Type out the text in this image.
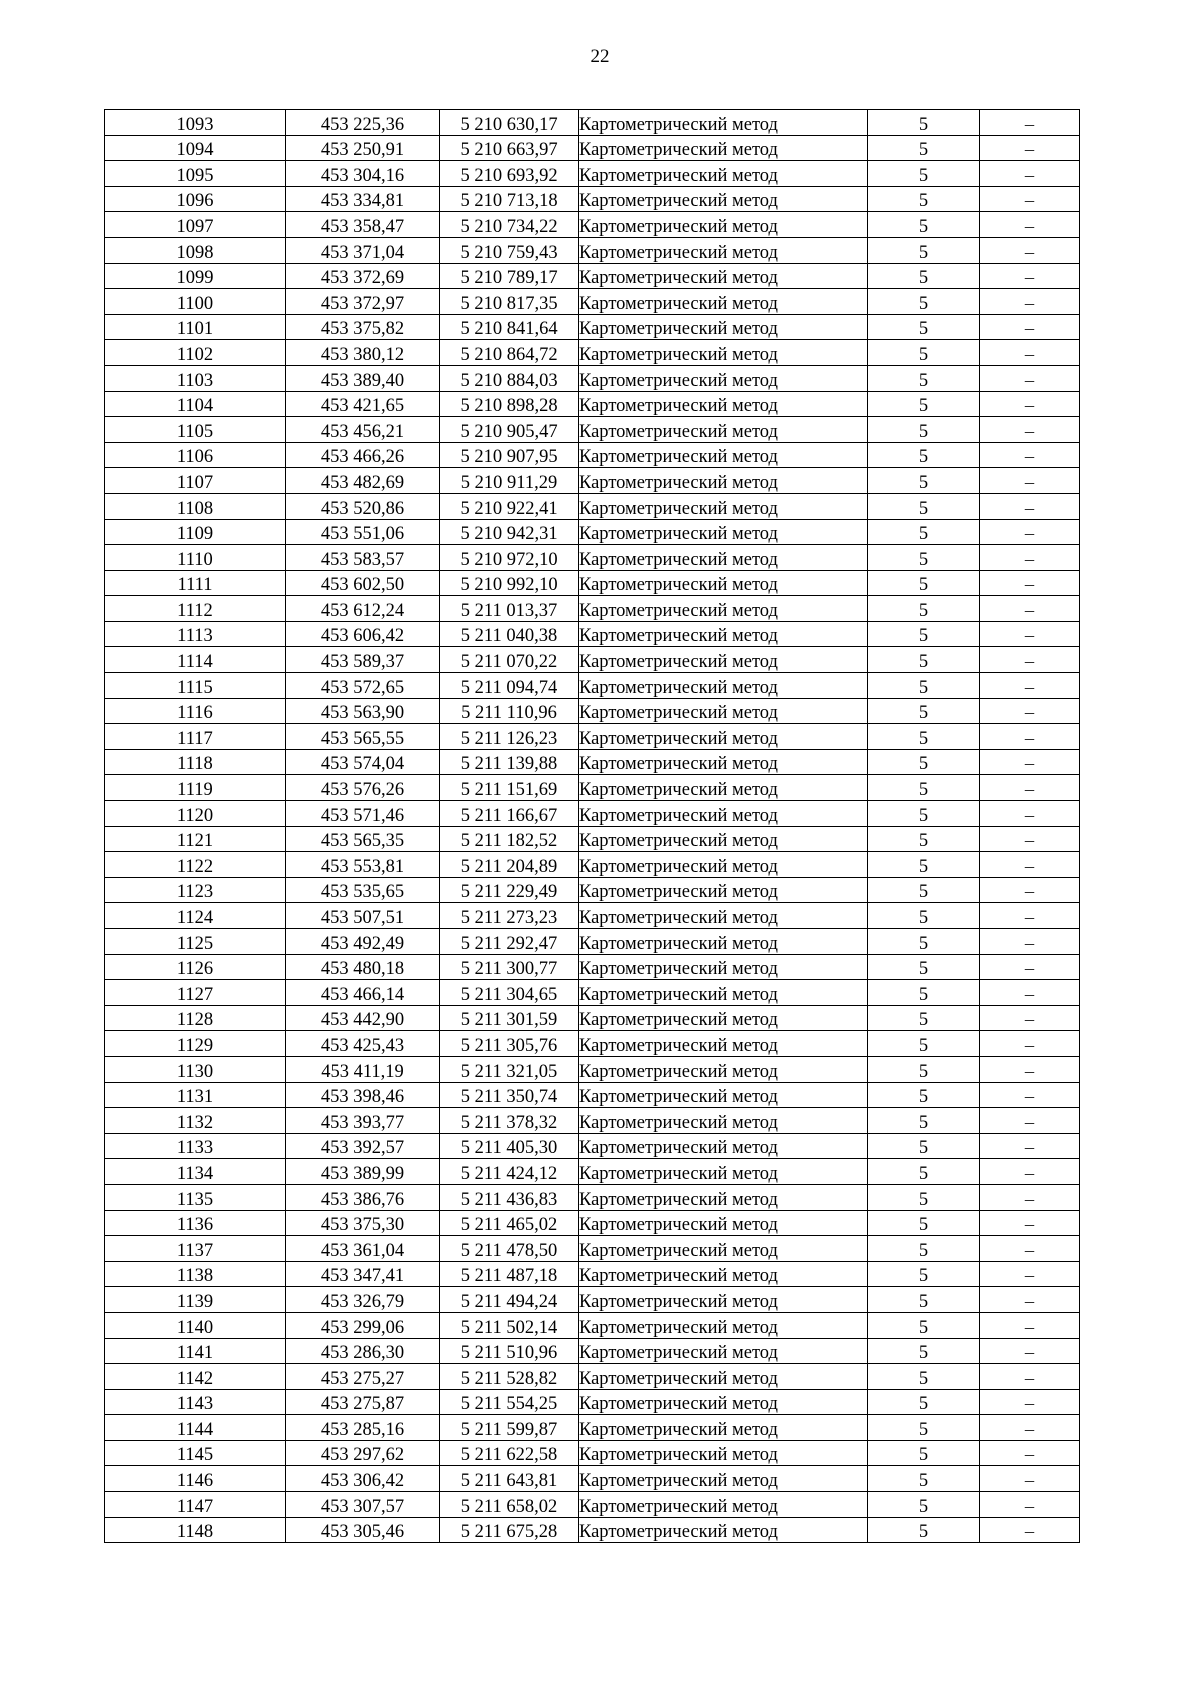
22
1093	453 225,36	5 210 630,17	Картометрический метод	5	–
1094	453 250,91	5 210 663,97	Картометрический метод	5	–
1095	453 304,16	5 210 693,92	Картометрический метод	5	–
1096	453 334,81	5 210 713,18	Картометрический метод	5	–
1097	453 358,47	5 210 734,22	Картометрический метод	5	–
1098	453 371,04	5 210 759,43	Картометрический метод	5	–
1099	453 372,69	5 210 789,17	Картометрический метод	5	–
1100	453 372,97	5 210 817,35	Картометрический метод	5	–
1101	453 375,82	5 210 841,64	Картометрический метод	5	–
1102	453 380,12	5 210 864,72	Картометрический метод	5	–
1103	453 389,40	5 210 884,03	Картометрический метод	5	–
1104	453 421,65	5 210 898,28	Картометрический метод	5	–
1105	453 456,21	5 210 905,47	Картометрический метод	5	–
1106	453 466,26	5 210 907,95	Картометрический метод	5	–
1107	453 482,69	5 210 911,29	Картометрический метод	5	–
1108	453 520,86	5 210 922,41	Картометрический метод	5	–
1109	453 551,06	5 210 942,31	Картометрический метод	5	–
1110	453 583,57	5 210 972,10	Картометрический метод	5	–
1111	453 602,50	5 210 992,10	Картометрический метод	5	–
1112	453 612,24	5 211 013,37	Картометрический метод	5	–
1113	453 606,42	5 211 040,38	Картометрический метод	5	–
1114	453 589,37	5 211 070,22	Картометрический метод	5	–
1115	453 572,65	5 211 094,74	Картометрический метод	5	–
1116	453 563,90	5 211 110,96	Картометрический метод	5	–
1117	453 565,55	5 211 126,23	Картометрический метод	5	–
1118	453 574,04	5 211 139,88	Картометрический метод	5	–
1119	453 576,26	5 211 151,69	Картометрический метод	5	–
1120	453 571,46	5 211 166,67	Картометрический метод	5	–
1121	453 565,35	5 211 182,52	Картометрический метод	5	–
1122	453 553,81	5 211 204,89	Картометрический метод	5	–
1123	453 535,65	5 211 229,49	Картометрический метод	5	–
1124	453 507,51	5 211 273,23	Картометрический метод	5	–
1125	453 492,49	5 211 292,47	Картометрический метод	5	–
1126	453 480,18	5 211 300,77	Картометрический метод	5	–
1127	453 466,14	5 211 304,65	Картометрический метод	5	–
1128	453 442,90	5 211 301,59	Картометрический метод	5	–
1129	453 425,43	5 211 305,76	Картометрический метод	5	–
1130	453 411,19	5 211 321,05	Картометрический метод	5	–
1131	453 398,46	5 211 350,74	Картометрический метод	5	–
1132	453 393,77	5 211 378,32	Картометрический метод	5	–
1133	453 392,57	5 211 405,30	Картометрический метод	5	–
1134	453 389,99	5 211 424,12	Картометрический метод	5	–
1135	453 386,76	5 211 436,83	Картометрический метод	5	–
1136	453 375,30	5 211 465,02	Картометрический метод	5	–
1137	453 361,04	5 211 478,50	Картометрический метод	5	–
1138	453 347,41	5 211 487,18	Картометрический метод	5	–
1139	453 326,79	5 211 494,24	Картометрический метод	5	–
1140	453 299,06	5 211 502,14	Картометрический метод	5	–
1141	453 286,30	5 211 510,96	Картометрический метод	5	–
1142	453 275,27	5 211 528,82	Картометрический метод	5	–
1143	453 275,87	5 211 554,25	Картометрический метод	5	–
1144	453 285,16	5 211 599,87	Картометрический метод	5	–
1145	453 297,62	5 211 622,58	Картометрический метод	5	–
1146	453 306,42	5 211 643,81	Картометрический метод	5	–
1147	453 307,57	5 211 658,02	Картометрический метод	5	–
1148	453 305,46	5 211 675,28	Картометрический метод	5	–
